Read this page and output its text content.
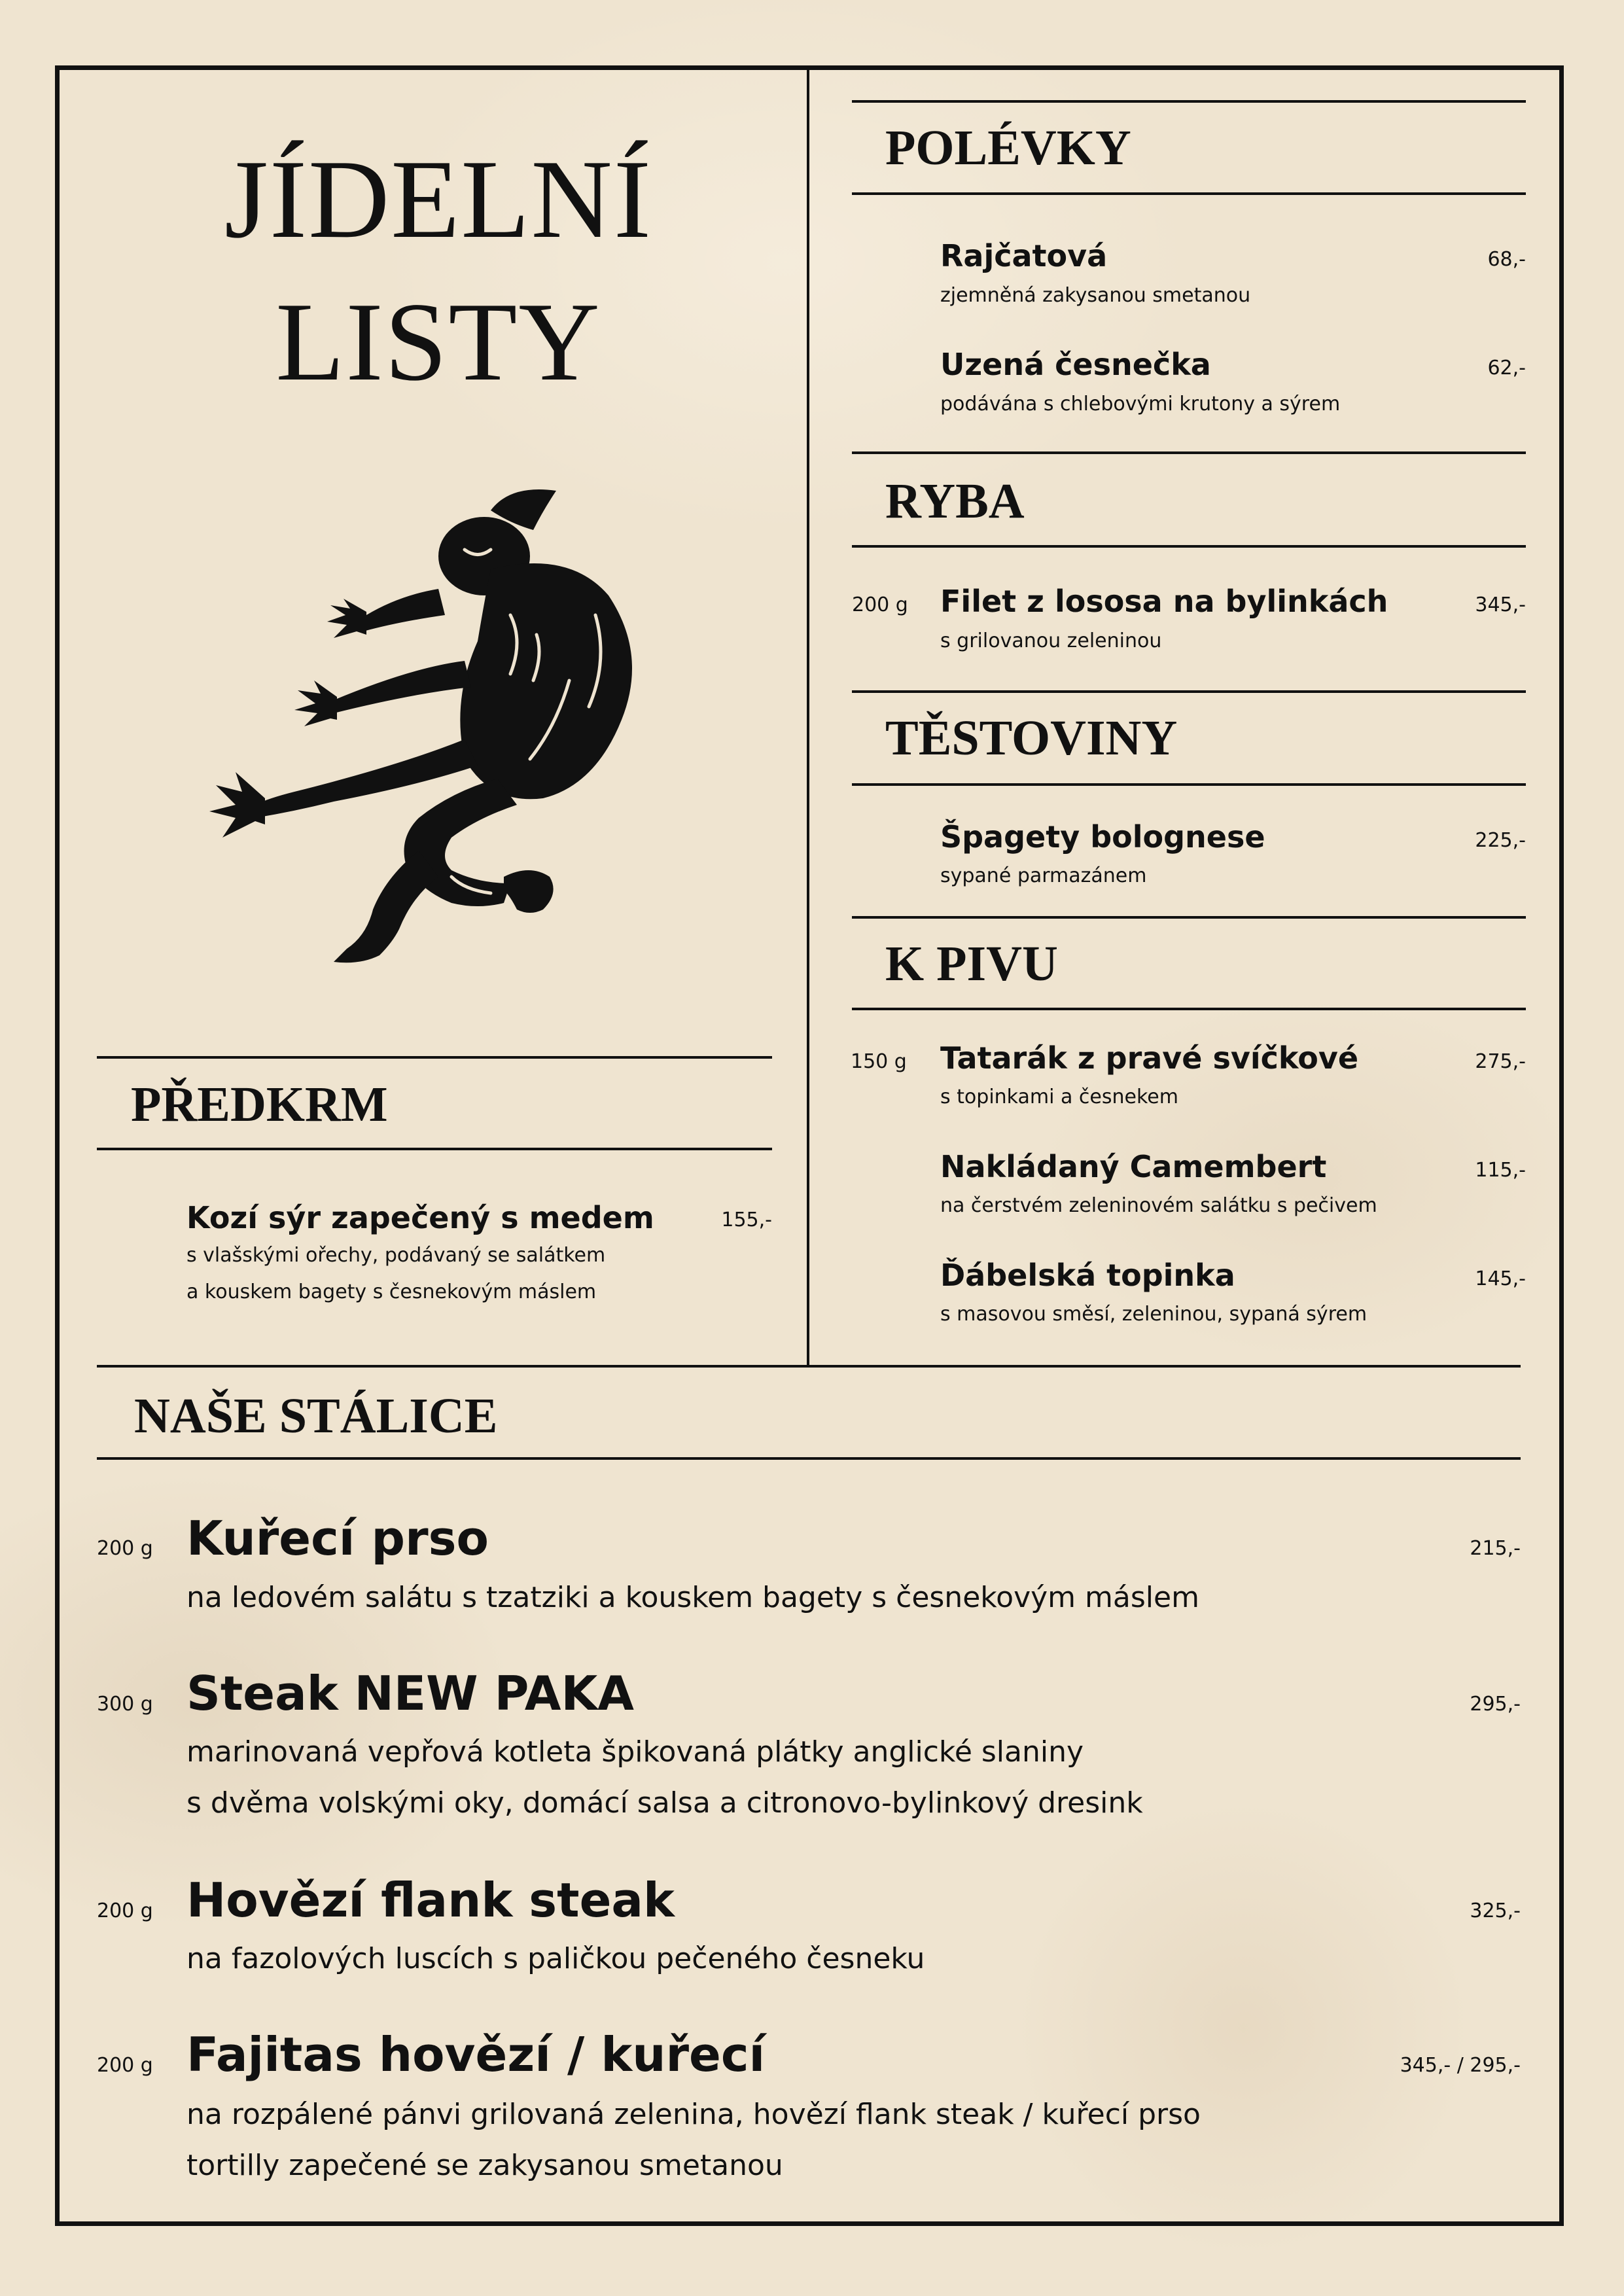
JÍDELNÍ
LISTY
POLÉVKY
Rajčatová	68,-
zjemněná zakysanou smetanou
Uzená česnečka	62,-
podávána s chlebovými krutony a sýrem
RYBA
200 g Filet z lososa na bylinkách	345,-
s grilovanou zeleninou
TĚSTOVINY
Špagety bolognese	225,-
sypané parmazánem
K PIVU
150 g Tatarák z pravé svíčkové	275,-
s topinkami a česnekem
Nakládaný Camembert	115,-
na čerstvém zeleninovém salátku s pečivem
Ďábelská topinka	145,-
s masovou směsí, zeleninou, sypaná sýrem
PŘEDKRM
Kozí sýr zapečený s medem	155,-
s vlašskými ořechy, podávaný se salátkem
a kouskem bagety s česnekovým máslem
NAŠE STÁLICE
200 g Kuřecí prso	215,-
na ledovém salátu s tzatziki a kouskem bagety s česnekovým máslem
300 g Steak NEW PAKA	295,-
marinovaná vepřová kotleta špikovaná plátky anglické slaniny
s dvěma volskými oky, domácí salsa a citronovo-bylinkový dresink
200 g Hovězí flank steak	325,-
na fazolových luscích s paličkou pečeného česneku
200 g Fajitas hovězí / kuřecí	345,- / 295,-
na rozpálené pánvi grilovaná zelenina, hovězí flank steak / kuřecí prso
tortilly zapečené se zakysanou smetanou
